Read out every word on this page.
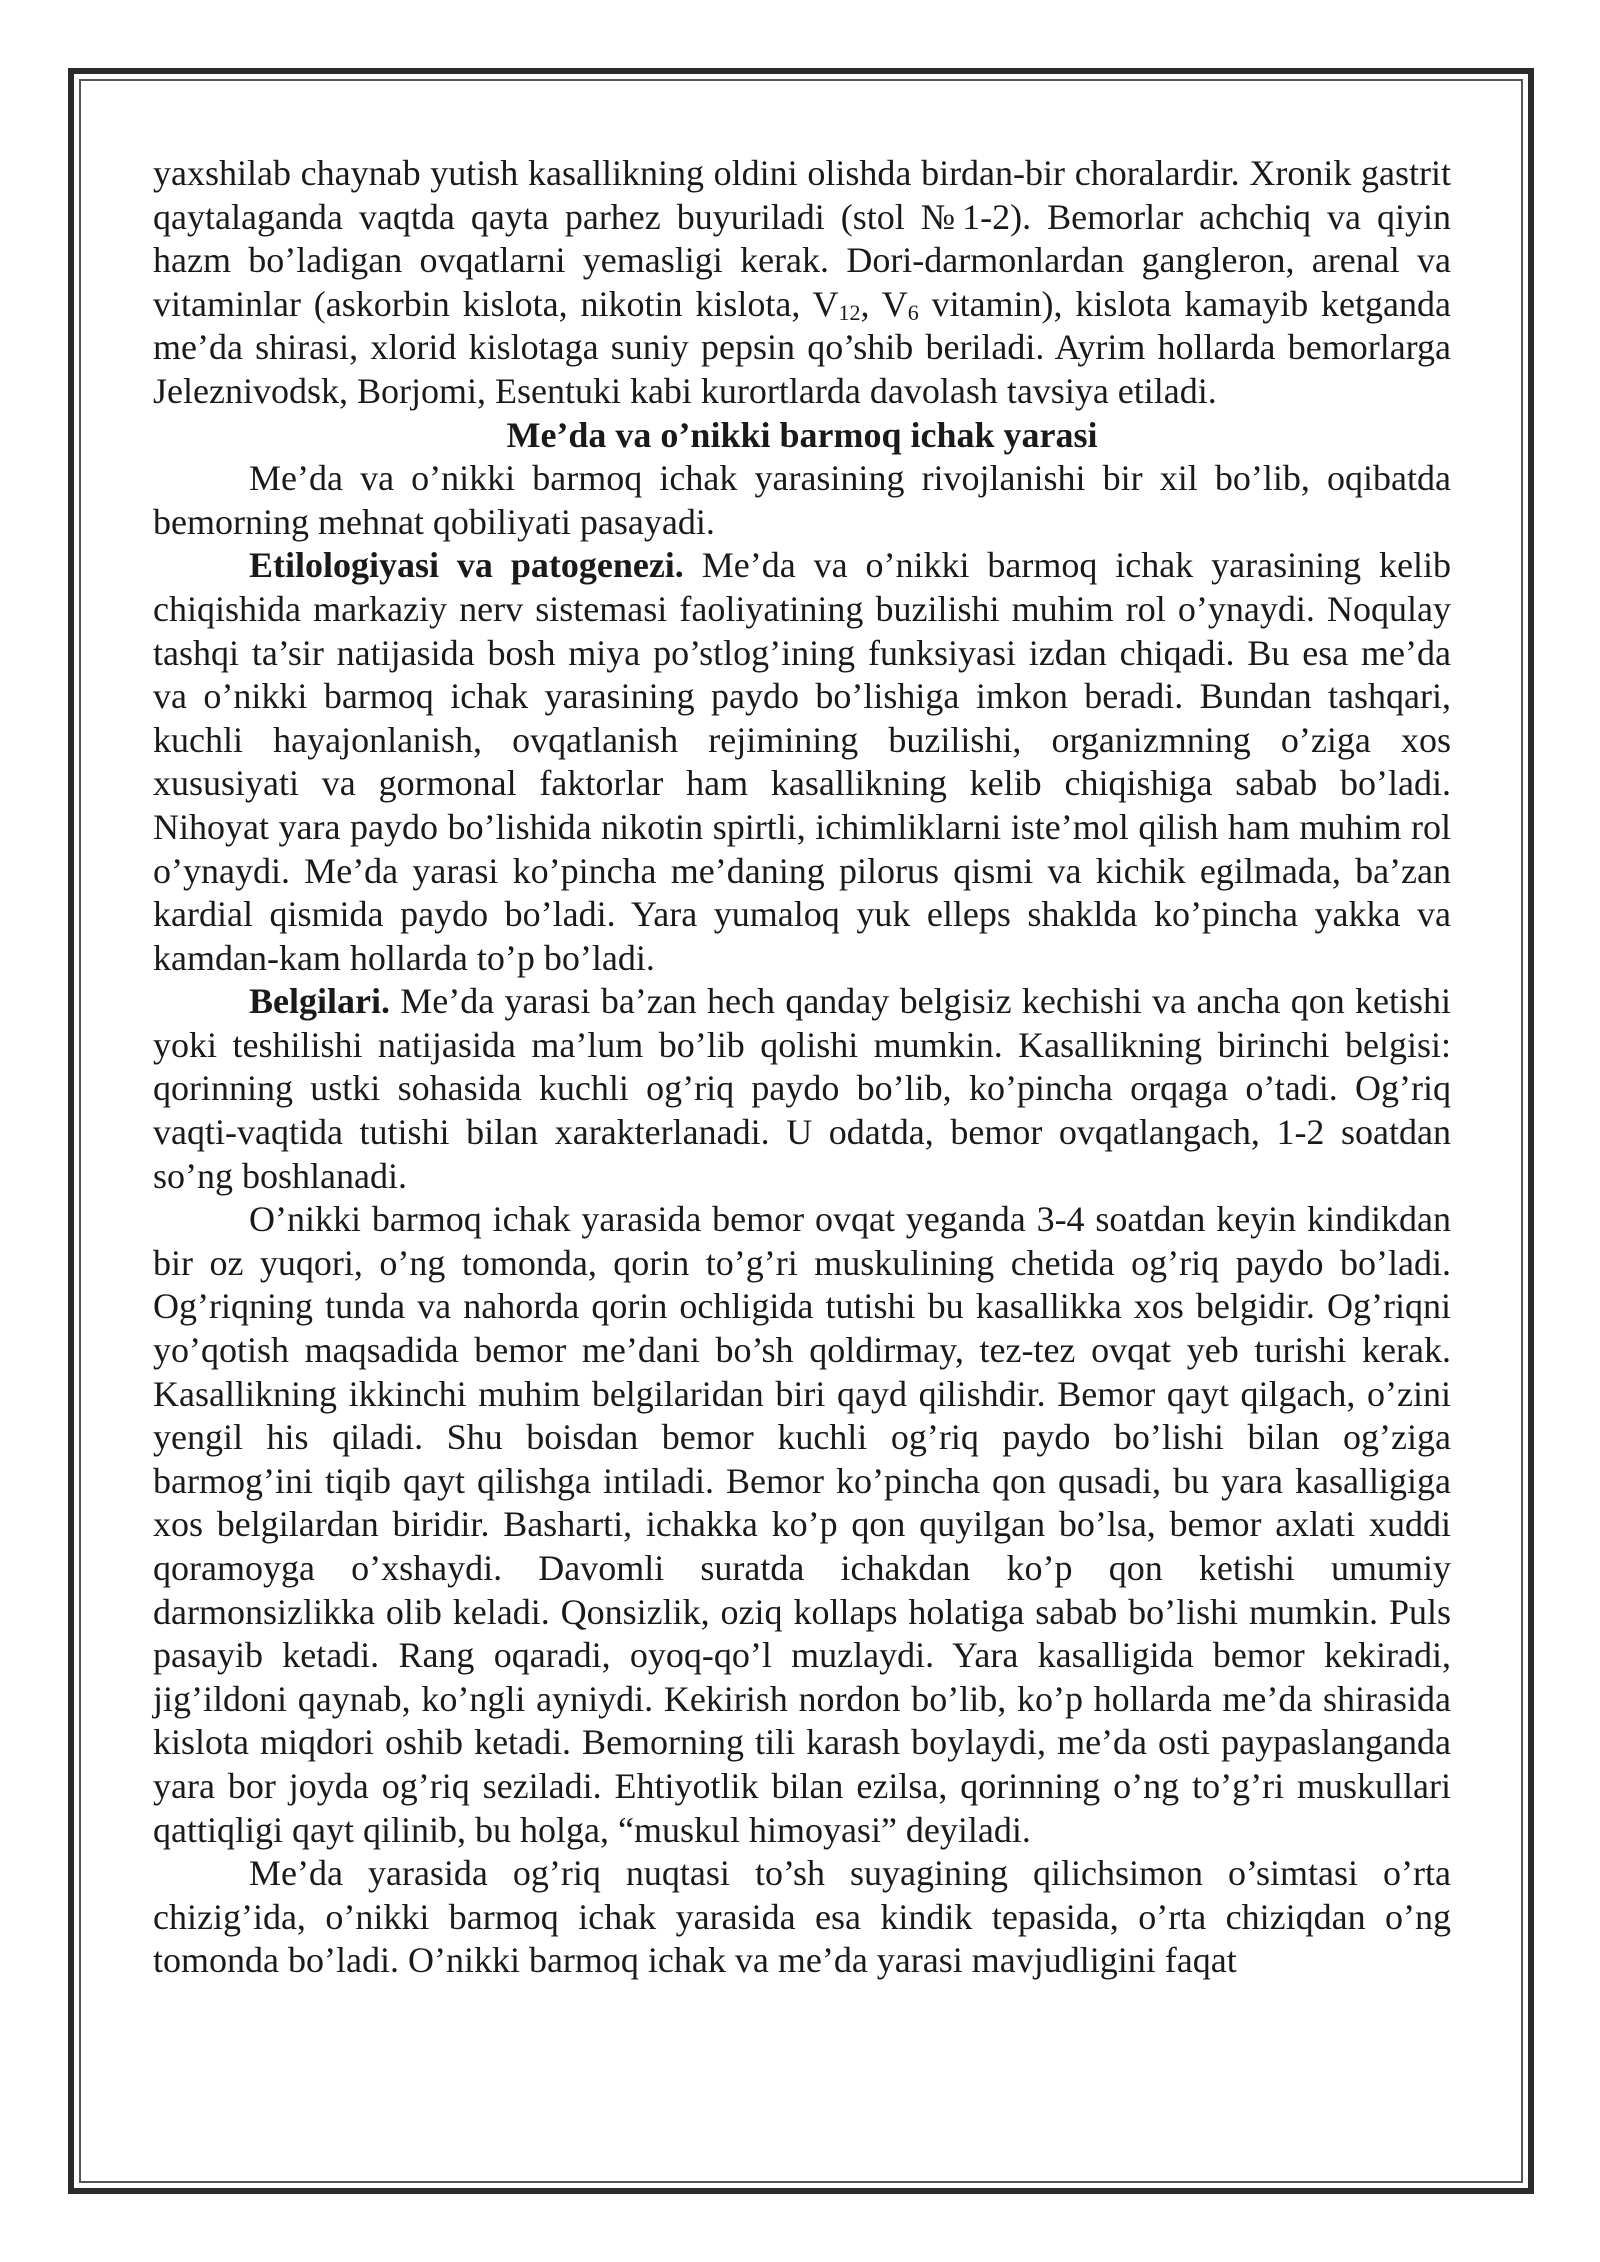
yaxshilab chaynab yutish kasallikning oldini olishda birdan-bir choralardir. Xronik gastrit qaytalaganda vaqtda qayta parhez buyuriladi (stol №1-2). Bemorlar achchiq va qiyin hazm bo’ladigan ovqatlarni yemasligi kerak. Dori-darmonlardan gangleron, arenal va vitaminlar (askorbin kislota, nikotin kislota, $V_{12}$, $V_6$ vitamin), kislota kamayib ketganda me’da shirasi, xlorid kislotaga suniy pepsin qo’shib beriladi. Ayrim hollarda bemorlarga Jeleznivodsk, Borjomi, Esentuki kabi kurortlarda davolash tavsiya etiladi.

Me’da va o’nikki barmoq ichak yarasi

Me’da va o’nikki barmoq ichak yarasining rivojlanishi bir xil bo’lib, oqibatda bemorning mehnat qobiliyati pasayadi.

Etilologiyasi va patogenezi. Me’da va o’nikki barmoq ichak yarasining kelib chiqishida markaziy nerv sistemasi faoliyatining buzilishi muhim rol o’ynaydi. Noqulay tashqi ta’sir natijasida bosh miya po’stlog’ining funksiyasi izdan chiqadi. Bu esa me’da va o’nikki barmoq ichak yarasining paydo bo’lishiga imkon beradi. Bundan tashqari, kuchli hayajonlanish, ovqatlanish rejimining buzilishi, organizmning o’ziga xos xususiyati va gormonal faktorlar ham kasallikning kelib chiqishiga sabab bo’ladi. Nihoyat yara paydo bo’lishida nikotin spirtli, ichimliklarni iste’mol qilish ham muhim rol o’ynaydi. Me’da yarasi ko’pincha me’daning pilorus qismi va kichik egilmada, ba’zan kardial qismida paydo bo’ladi. Yara yumaloq yuk elleps shaklda ko’pincha yakka va kamdan-kam hollarda to’p bo’ladi.

Belgilari. Me’da yarasi ba’zan hech qanday belgisiz kechishi va ancha qon ketishi yoki teshilishi natijasida ma’lum bo’lib qolishi mumkin. Kasallikning birinchi belgisi: qorinning ustki sohasida kuchli og’riq paydo bo’lib, ko’pincha orqaga o’tadi. Og’riq vaqti-vaqtida tutishi bilan xarakterlanadi. U odatda, bemor ovqatlangach, 1-2 soatdan so’ng boshlanadi.

O’nikki barmoq ichak yarasida bemor ovqat yeganda 3-4 soatdan keyin kindikdan bir oz yuqori, o’ng tomonda, qorin to’g’ri muskulining chetida og’riq paydo bo’ladi. Og’riqning tunda va nahorda qorin ochligida tutishi bu kasallikka xos belgidir. Og’riqni yo’qotish maqsadida bemor me’dani bo’sh qoldirmay, tez-tez ovqat yeb turishi kerak. Kasallikning ikkinchi muhim belgilaridan biri qayd qilishdir. Bemor qayt qilgach, o’zini yengil his qiladi. Shu boisdan bemor kuchli og’riq paydo bo’lishi bilan og’ziga barmog’ini tiqib qayt qilishga intiladi. Bemor ko’pincha qon qusadi, bu yara kasalligiga xos belgilardan biridir. Basharti, ichakka ko’p qon quyilgan bo’lsa, bemor axlati xuddi qoramoyga o’xshaydi. Davomli suratda ichakdan ko’p qon ketishi umumiy darmonsizlikka olib keladi. Qonsizlik, oziq kollaps holatiga sabab bo’lishi mumkin. Puls pasayib ketadi. Rang oqaradi, oyoq-qo’l muzlaydi. Yara kasalligida bemor kekiradi, jig’ildoni qaynab, ko’ngli ayniydi. Kekirish nordon bo’lib, ko’p hollarda me’da shirasida kislota miqdori oshib ketadi. Bemorning tili karash boylaydi, me’da osti paypaslanganda yara bor joyda og’riq seziladi. Ehtiyotlik bilan ezilsa, qorinning o’ng to’g’ri muskullari qattiqligi qayt qilinib, bu holga, “muskul himoyasi” deyiladi.

Me’da yarasida og’riq nuqtasi to’sh suyagining qilichsimon o’simtasi o’rta chizig’ida, o’nikki barmoq ichak yarasida esa kindik tepasida, o’rta chiziqdan o’ng tomonda bo’ladi. O’nikki barmoq ichak va me’da yarasi mavjudligini faqat
